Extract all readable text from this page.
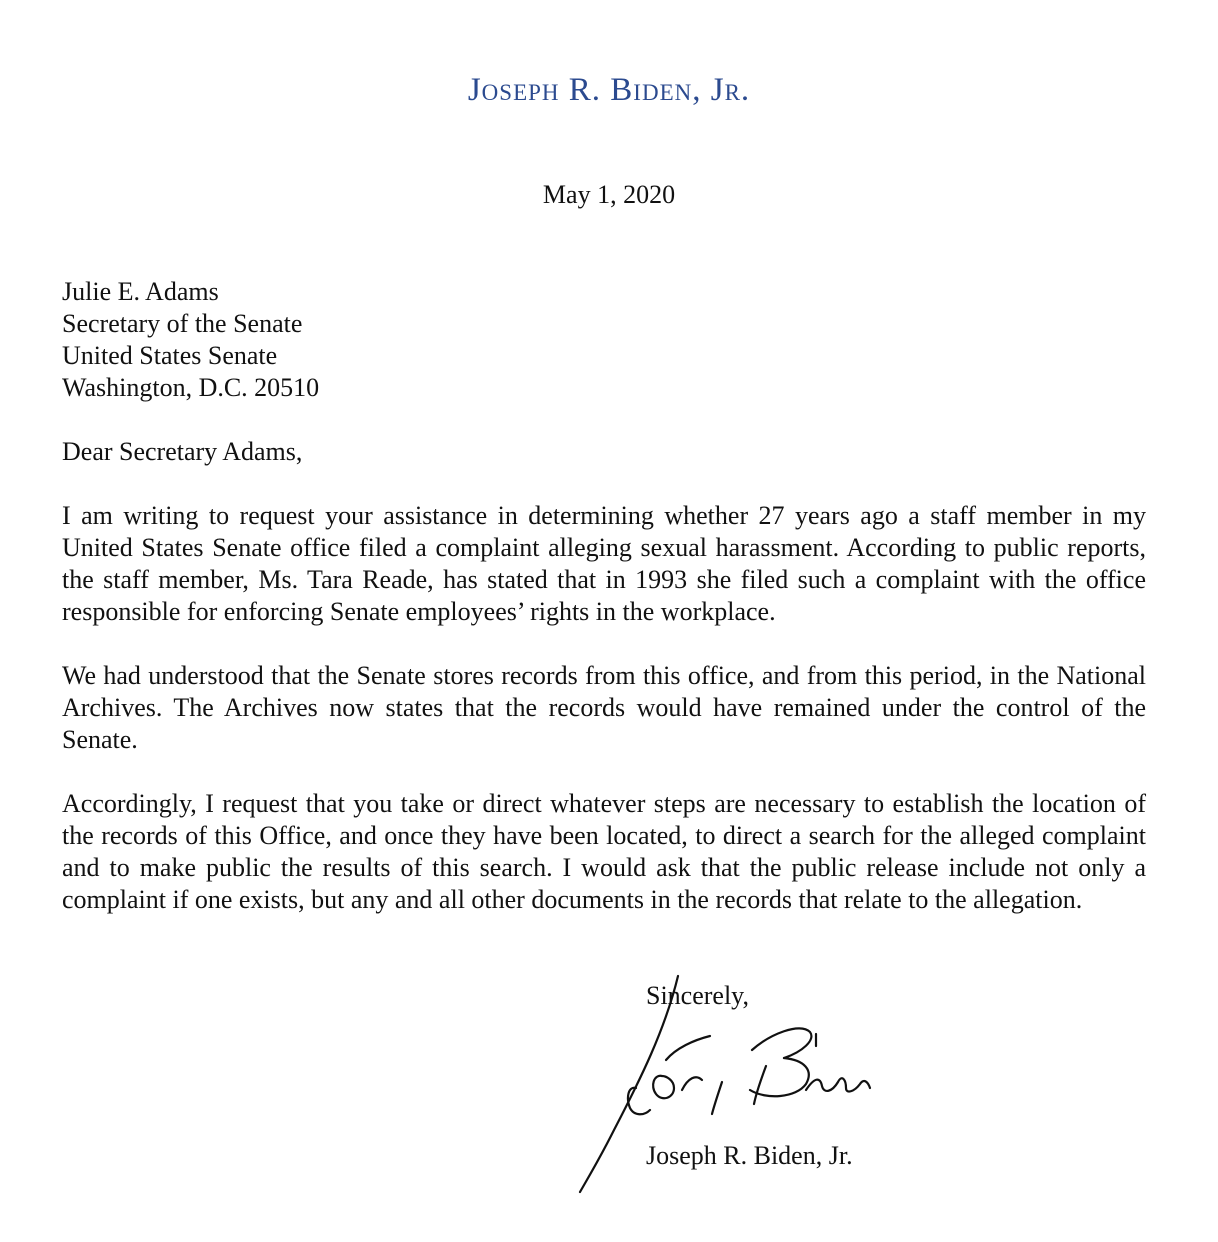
Joseph R. Biden, Jr.
May 1, 2020
Julie E. Adams
Secretary of the Senate
United States Senate
Washington, D.C. 20510
Dear Secretary Adams,
I am writing to request your assistance in determining whether 27 years ago a staff member in my United States Senate office filed a complaint alleging sexual harassment. According to public reports, the staff member, Ms. Tara Reade, has stated that in 1993 she filed such a complaint with the office responsible for enforcing Senate employees’ rights in the workplace.
We had understood that the Senate stores records from this office, and from this period, in the National Archives. The Archives now states that the records would have remained under the control of the Senate.
Accordingly, I request that you take or direct whatever steps are necessary to establish the location of the records of this Office, and once they have been located, to direct a search for the alleged complaint and to make public the results of this search. I would ask that the public release include not only a complaint if one exists, but any and all other documents in the records that relate to the allegation.
Sincerely,
Joseph R. Biden, Jr.
